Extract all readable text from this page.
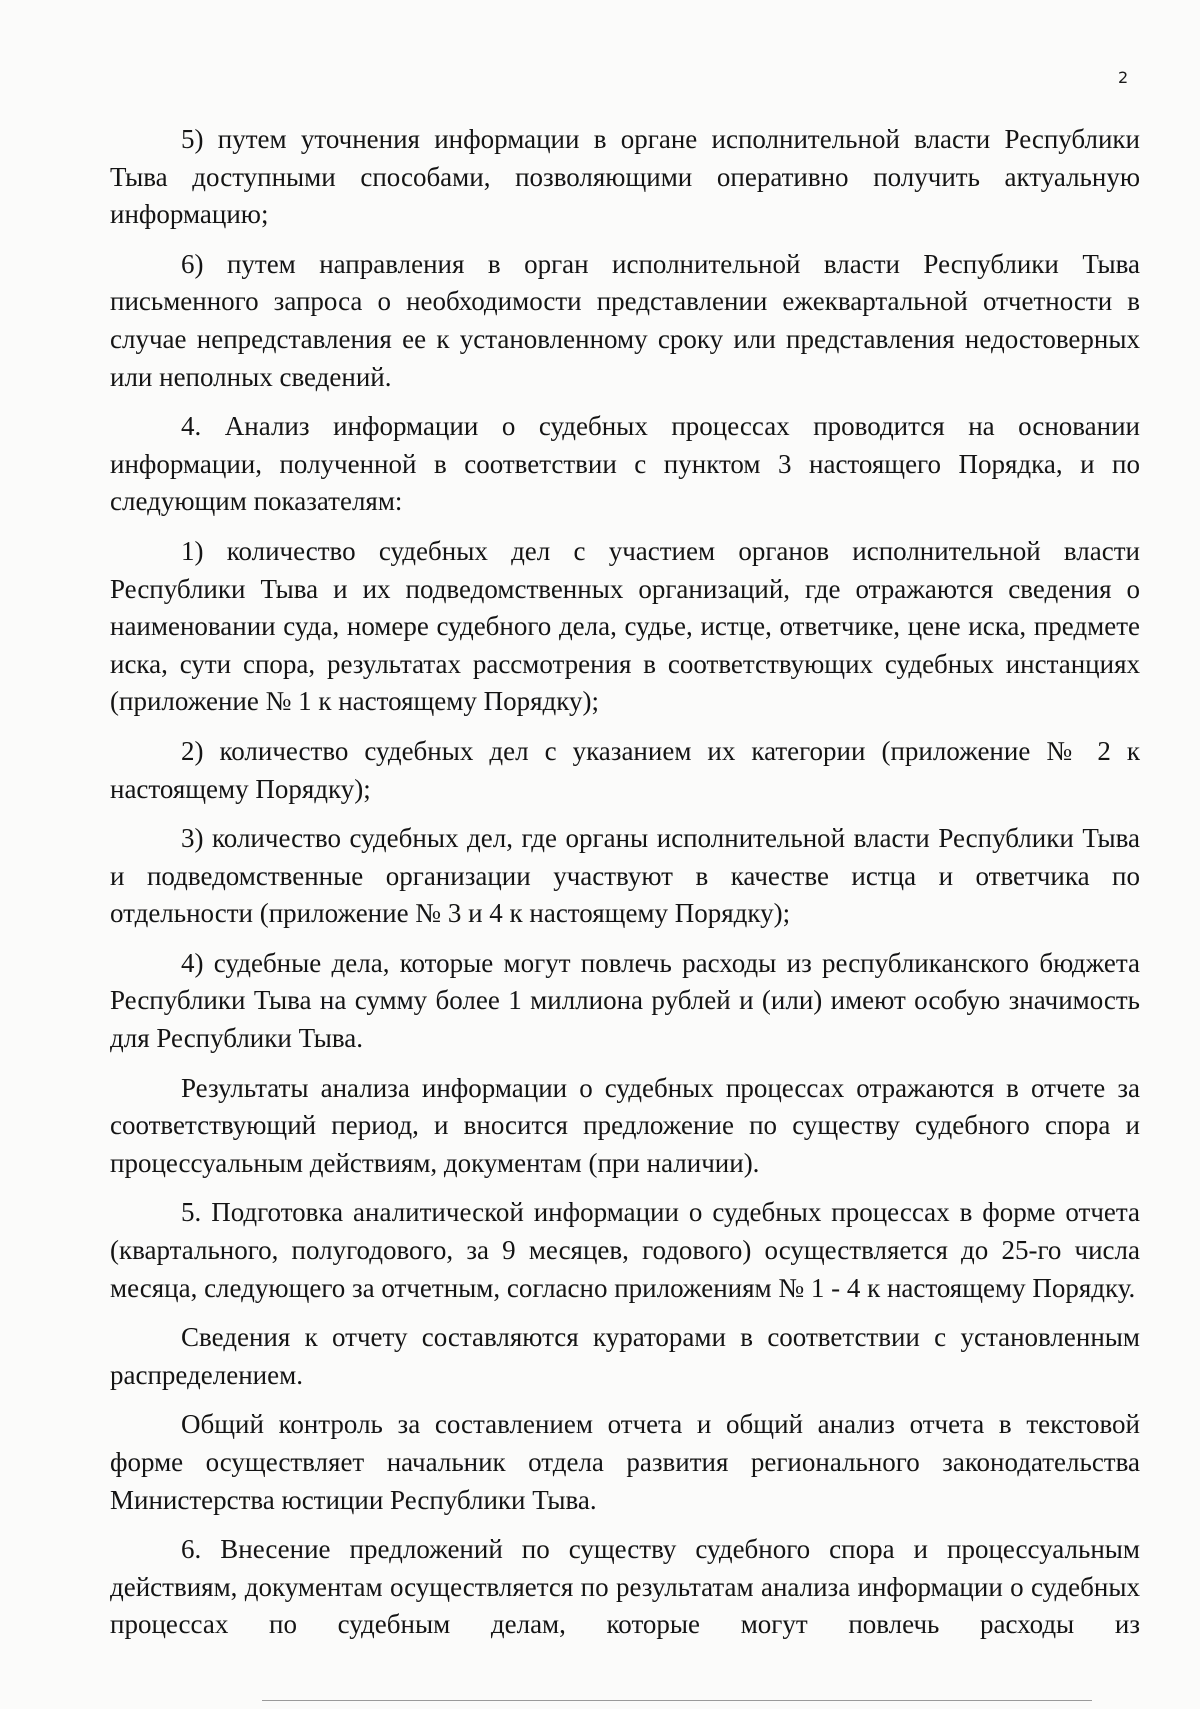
2

5) путем уточнения информации в органе исполнительной власти Республики Тыва доступными способами, позволяющими оперативно получить актуальную информацию;

6) путем направления в орган исполнительной власти Республики Тыва письменного запроса о необходимости представлении ежеквартальной отчетности в случае непредставления ее к установленному сроку или представления недостоверных или неполных сведений.

4. Анализ информации о судебных процессах проводится на основании информации, полученной в соответствии с пунктом 3 настоящего Порядка, и по следующим показателям:

1) количество судебных дел с участием органов исполнительной власти Республики Тыва и их подведомственных организаций, где отражаются сведения о наименовании суда, номере судебного дела, судье, истце, ответчике, цене иска, предмете иска, сути спора, результатах рассмотрения в соответствующих судебных инстанциях (приложение № 1 к настоящему Порядку);

2) количество судебных дел с указанием их категории (приложение № 2 к настоящему Порядку);

3) количество судебных дел, где органы исполнительной власти Республики Тыва и подведомственные организации участвуют в качестве истца и ответчика по отдельности (приложение № 3 и 4 к настоящему Порядку);

4) судебные дела, которые могут повлечь расходы из республиканского бюджета Республики Тыва на сумму более 1 миллиона рублей и (или) имеют особую значимость для Республики Тыва.

Результаты анализа информации о судебных процессах отражаются в отчете за соответствующий период, и вносится предложение по существу судебного спора и процессуальным действиям, документам (при наличии).

5. Подготовка аналитической информации о судебных процессах в форме отчета (квартального, полугодового, за 9 месяцев, годового) осуществляется до 25-го числа месяца, следующего за отчетным, согласно приложениям № 1 - 4 к настоящему Порядку.

Сведения к отчету составляются кураторами в соответствии с установленным распределением.

Общий контроль за составлением отчета и общий анализ отчета в текстовой форме осуществляет начальник отдела развития регионального законодательства Министерства юстиции Республики Тыва.

6. Внесение предложений по существу судебного спора и процессуальным действиям, документам осуществляется по результатам анализа информации о судебных процессах по судебным делам, которые могут повлечь расходы из
